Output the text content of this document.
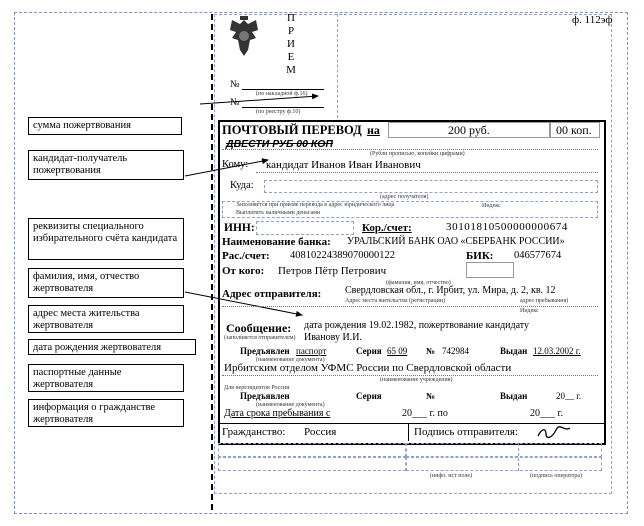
ф. 112эф
П
Р
И
Е
М
№
(по накладной ф.16)
№
(по реестру ф.10)
сумма пожертвования
кандидат-получатель пожертвования
реквизиты специального избирательного счёта кандидата
фамилия, имя, отчество жертвователя
адрес места жительства жертвователя
дата рождения жертвователя
паспортные данные жертвователя
информация о гражданстве жертвователя
ПОЧТОВЫЙ ПЕРЕВОД на	200 руб.	00 коп.
ДВЕСТИ РУБ 00 КОП
(Рубли прописью, копейки цифрами)
Кому: кандидат Иванов Иван Иванович
Куда:
(адрес получателя)
Заполняется при приеме перевода в адрес юридического лица
Выплатить наличными деньгами
Индекс
ИНН:	Кор./счет:	30101810500000000674
Наименование банка: УРАЛЬСКИЙ БАНК ОАО «СБЕРБАНК РОССИИ»
Рас./счет: 40810224389070000122	БИК: 046577674
От кого: Петров Пётр Петрович
(фамилия, имя, отчество)
Адрес отправителя: Свердловская обл., г. Ирбит, ул. Мира, д. 2, кв. 12
Адрес места жительства (регистрации)	адрес пребывания)
Индекс
Сообщение:
(заполняется отправителем)
дата рождения 19.02.1982, пожертвование кандидату
Иванову И.И.
Предъявлен паспорт	Серия 65 09 № 742984	Выдан 12.03.2002 г.
(наименование документа)
Ирбитским отделом УФМС России по Свердловской области
(наименование учреждения)
Для нерезидентов России
Предъявлен	Серия	№	Выдан	20__ г.
(наименование документа)
Дата срока пребывания с	20___ г. по	20___ г.
Гражданство: Россия	Подпись отправителя:
(инфо. ист поле)	(подпись оператора)
